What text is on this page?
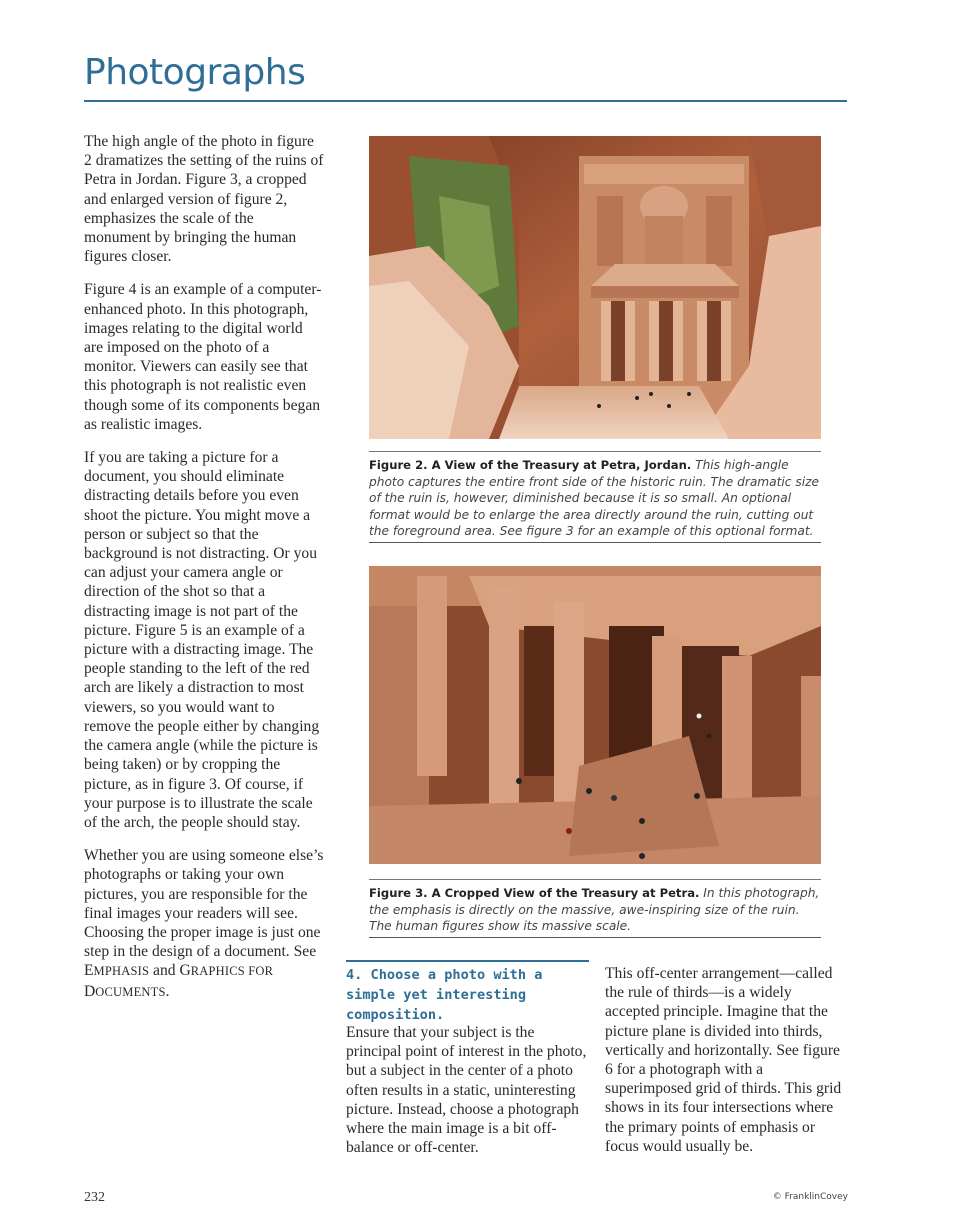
Photographs

The high angle of the photo in figure 2 dramatizes the setting of the ruins of Petra in Jordan. Figure 3, a cropped and enlarged version of figure 2, emphasizes the scale of the monument by bringing the human figures closer.

Figure 4 is an example of a computer-enhanced photo. In this photograph, images relating to the digital world are imposed on the photo of a monitor. Viewers can easily see that this photograph is not realistic even though some of its components began as realistic images.

If you are taking a picture for a document, you should eliminate distracting details before you even shoot the picture. You might move a person or subject so that the background is not distracting. Or you can adjust your camera angle or direction of the shot so that a distracting image is not part of the picture. Figure 5 is an example of a picture with a distracting image. The people standing to the left of the red arch are likely a distraction to most viewers, so you would want to remove the people either by changing the camera angle (while the picture is being taken) or by cropping the picture, as in figure 3. Of course, if your purpose is to illustrate the scale of the arch, the people should stay.

Whether you are using someone else’s photographs or taking your own pictures, you are responsible for the final images your readers will see. Choosing the proper image is just one step in the design of a document. See EMPHASIS and GRAPHICS FOR DOCUMENTS.

Figure 2. A View of the Treasury at Petra, Jordan. This high-angle photo captures the entire front side of the historic ruin. The dramatic size of the ruin is, however, diminished because it is so small. An optional format would be to enlarge the area directly around the ruin, cutting out the foreground area. See figure 3 for an example of this optional format.
Figure 3. A Cropped View of the Treasury at Petra. In this photograph, the emphasis is directly on the massive, awe-inspiring size of the ruin. The human figures show its massive scale.
4. Choose a photo with a simple yet interesting composition.

Ensure that your subject is the principal point of interest in the photo, but a subject in the center of a photo often results in a static, uninteresting picture. Instead, choose a photograph where the main image is a bit off-balance or off-center.

This off-center arrangement—called the rule of thirds—is a widely accepted principle. Imagine that the picture plane is divided into thirds, vertically and horizontally. See figure 6 for a photograph with a superimposed grid of thirds. This grid shows in its four intersections where the primary points of emphasis or focus would usually be.

232	© FranklinCovey
